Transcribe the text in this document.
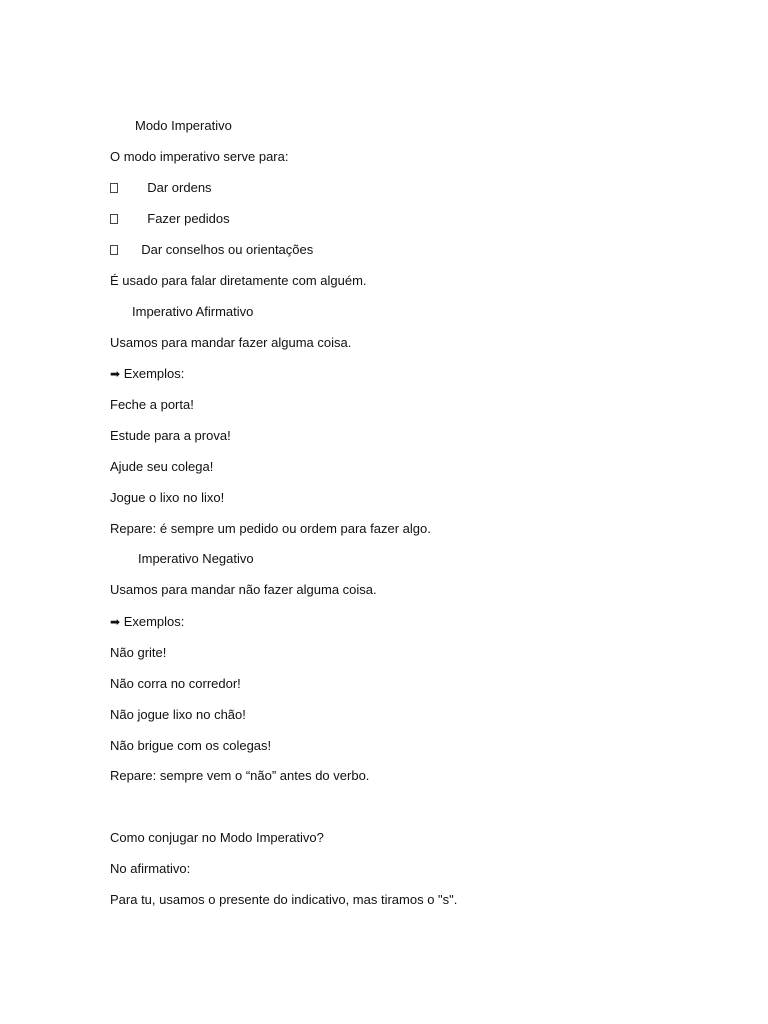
Modo Imperativo
O modo imperativo serve para:
Dar ordens
Fazer pedidos
Dar conselhos ou orientações
É usado para falar diretamente com alguém.
Imperativo Afirmativo
Usamos para mandar fazer alguma coisa.
➡ Exemplos:
Feche a porta!
Estude para a prova!
Ajude seu colega!
Jogue o lixo no lixo!
Repare: é sempre um pedido ou ordem para fazer algo.
Imperativo Negativo
Usamos para mandar não fazer alguma coisa.
➡ Exemplos:
Não grite!
Não corra no corredor!
Não jogue lixo no chão!
Não brigue com os colegas!
Repare: sempre vem o “não” antes do verbo.
Como conjugar no Modo Imperativo?
No afirmativo:
Para tu, usamos o presente do indicativo, mas tiramos o "s".
